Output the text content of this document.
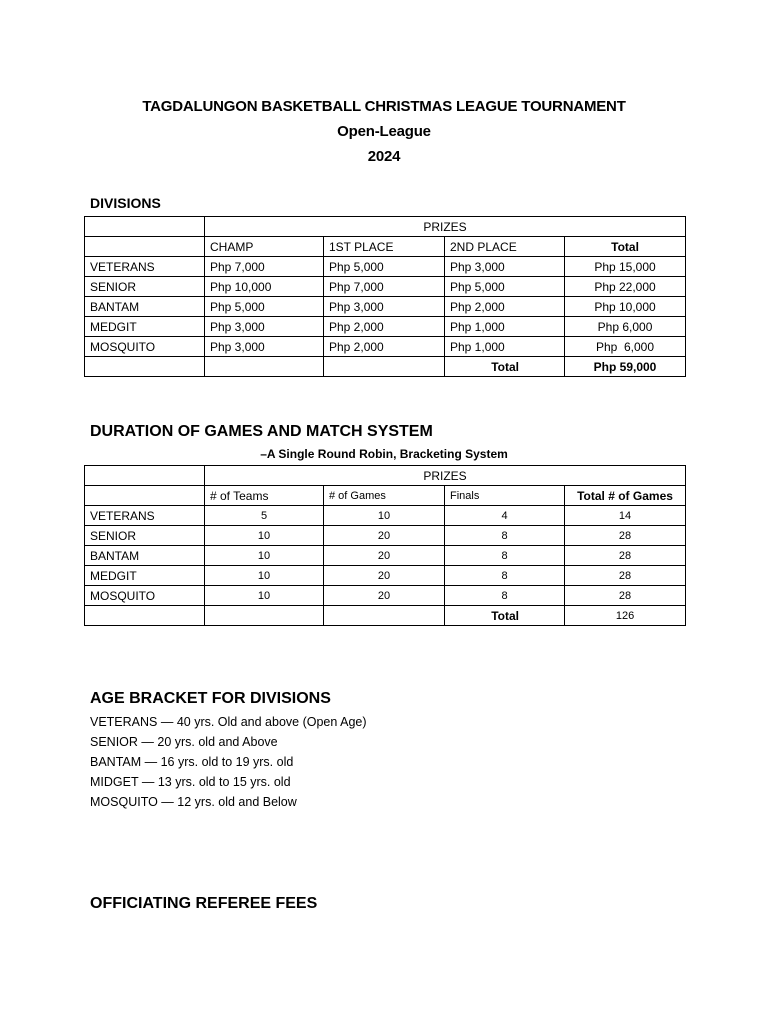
TAGDALUNGON BASKETBALL CHRISTMAS LEAGUE TOURNAMENT
Open-League
2024
DIVISIONS
	PRIZES			
	CHAMP	1ST PLACE	2ND PLACE	Total
VETERANS	Php 7,000	Php 5,000	Php 3,000	Php 15,000
SENIOR	Php 10,000	Php 7,000	Php 5,000	Php 22,000
BANTAM	Php 5,000	Php 3,000	Php 2,000	Php 10,000
MEDGIT	Php 3,000	Php 2,000	Php 1,000	Php 6,000
MOSQUITO	Php 3,000	Php 2,000	Php 1,000	Php  6,000
			Total	Php 59,000
DURATION OF GAMES AND MATCH SYSTEM
–A Single Round Robin, Bracketing System
	PRIZES			
	# of Teams	# of Games	Finals	Total # of Games
VETERANS	5	10	4	14
SENIOR	10	20	8	28
BANTAM	10	20	8	28
MEDGIT	10	20	8	28
MOSQUITO	10	20	8	28
			Total	126
AGE BRACKET FOR DIVISIONS
VETERANS — 40 yrs. Old and above (Open Age)
SENIOR — 20 yrs. old and Above
BANTAM — 16 yrs. old to 19 yrs. old
MIDGET — 13 yrs. old to 15 yrs. old
MOSQUITO — 12 yrs. old and Below
OFFICIATING REFEREE FEES
